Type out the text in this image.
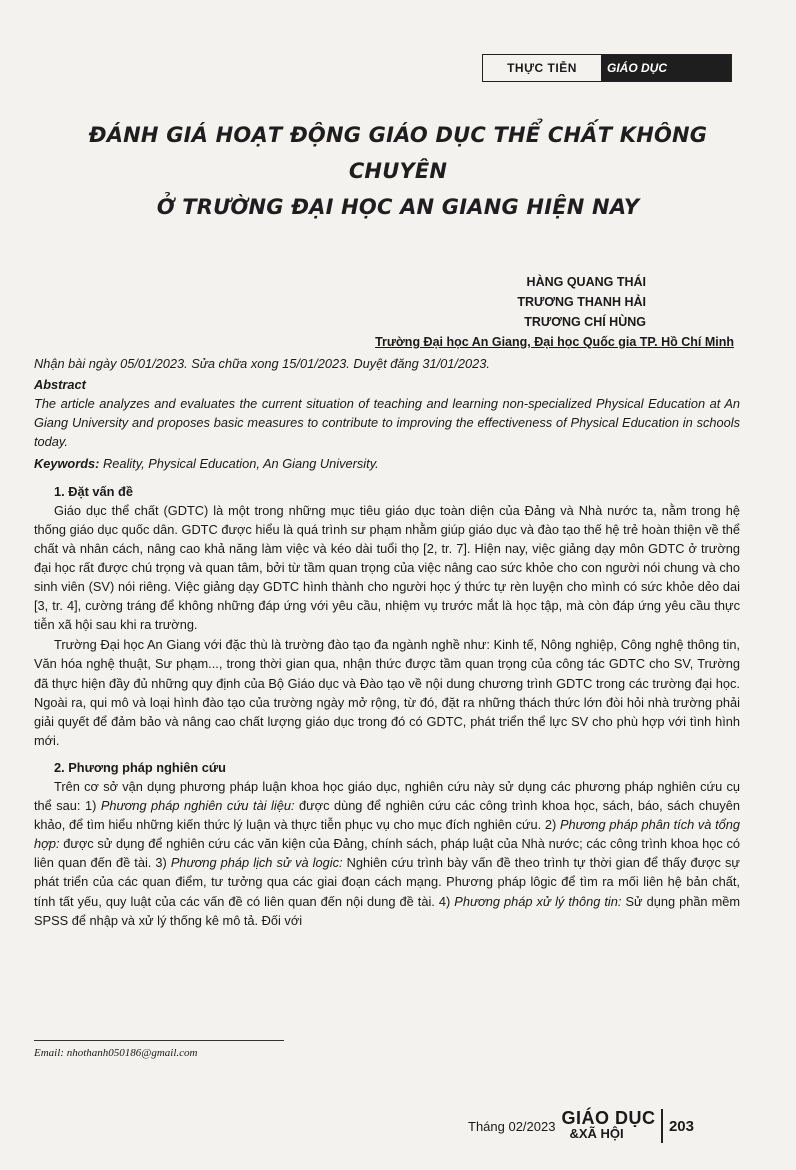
THỰC TIỄN	GIÁO DỤC
ĐÁNH GIÁ HOẠT ĐỘNG GIÁO DỤC THỂ CHẤT KHÔNG CHUYÊN
Ở TRƯỜNG ĐẠI HỌC AN GIANG HIỆN NAY
HÀNG QUANG THÁI
TRƯƠNG THANH HẢI
TRƯƠNG CHÍ HÙNG
Trường Đại học An Giang, Đại học Quốc gia TP. Hồ Chí Minh

Nhận bài ngày 05/01/2023. Sửa chữa xong 15/01/2023. Duyệt đăng 31/01/2023.

Abstract

The article analyzes and evaluates the current situation of teaching and learning non-specialized Physical Education at An Giang University and proposes basic measures to contribute to improving the effectiveness of Physical Education in schools today.

Keywords: Reality, Physical Education, An Giang University.

1. Đặt vấn đề

Giáo dục thể chất (GDTC) là một trong những mục tiêu giáo dục toàn diện của Đảng và Nhà nước ta, nằm trong hệ thống giáo dục quốc dân. GDTC được hiểu là quá trình sư phạm nhằm giúp giáo dục và đào tạo thế hệ trẻ hoàn thiện về thể chất và nhân cách, nâng cao khả năng làm việc và kéo dài tuổi thọ [2, tr. 7]. Hiện nay, việc giảng dạy môn GDTC ở trường đại học rất được chú trọng và quan tâm, bởi từ tầm quan trọng của việc nâng cao sức khỏe cho con người nói chung và cho sinh viên (SV) nói riêng. Việc giảng dạy GDTC hình thành cho người học ý thức tự rèn luyện cho mình có sức khỏe dẻo dai [3, tr. 4], cường tráng để không những đáp ứng với yêu cầu, nhiệm vụ trước mắt là học tập, mà còn đáp ứng yêu cầu thực tiễn xã hội sau khi ra trường.

Trường Đại học An Giang với đặc thù là trường đào tạo đa ngành nghề như: Kinh tế, Nông nghiệp, Công nghệ thông tin, Văn hóa nghệ thuật, Sư phạm..., trong thời gian qua, nhận thức được tầm quan trọng của công tác GDTC cho SV, Trường đã thực hiện đầy đủ những quy định của Bộ Giáo dục và Đào tạo về nội dung chương trình GDTC trong các trường đại học. Ngoài ra, qui mô và loại hình đào tạo của trường ngày mở rộng, từ đó, đặt ra những thách thức lớn đòi hỏi nhà trường phải giải quyết để đảm bảo và nâng cao chất lượng giáo dục trong đó có GDTC, phát triển thể lực SV cho phù hợp với tình hình mới.

2. Phương pháp nghiên cứu

Trên cơ sở vận dụng phương pháp luận khoa học giáo dục, nghiên cứu này sử dụng các phương pháp nghiên cứu cụ thể sau: 1) Phương pháp nghiên cứu tài liệu: được dùng để nghiên cứu các công trình khoa học, sách, báo, sách chuyên khảo, để tìm hiểu những kiến thức lý luận và thực tiễn phục vụ cho mục đích nghiên cứu. 2) Phương pháp phân tích và tổng hợp: được sử dụng để nghiên cứu các văn kiện của Đảng, chính sách, pháp luật của Nhà nước; các công trình khoa học có liên quan đến đề tài. 3) Phương pháp lịch sử và logic: Nghiên cứu trình bày vấn đề theo trình tự thời gian để thấy được sự phát triển của các quan điểm, tư tưởng qua các giai đoạn cách mạng. Phương pháp lôgic để tìm ra mối liên hệ bản chất, tính tất yếu, quy luật của các vấn đề có liên quan đến nội dung đề tài. 4) Phương pháp xử lý thông tin: Sử dụng phần mềm SPSS để nhập và xử lý thống kê mô tả. Đối với

Email: nhothanh050186@gmail.com
Tháng 02/2023 GIÁO DỤC
&XÃ HỘI	203
